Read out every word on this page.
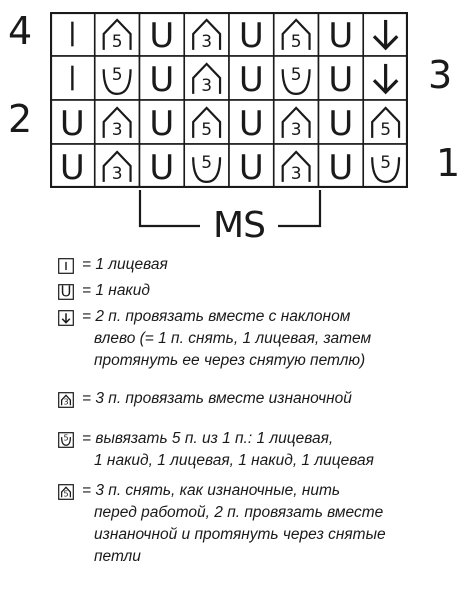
4
3
2
1
5 U 3 U 5 U
5 U 3 U 5 U
U 3 U 5 U 3 U 5
U 3 U 5 U 3 U 5
MS
= 1 лицевая
U = 1 накид
= 2 п. провязать вместе с наклоном
влево (= 1 п. снять, 1 лицевая, затем
протянуть ее через снятую петлю)
3 = 3 п. провязать вместе изнаночной
5 = вывязать 5 п. из 1 п.: 1 лицевая,
1 накид, 1 лицевая, 1 накид, 1 лицевая
5 = 3 п. снять, как изнаночные, нить
перед работой, 2 п. провязать вместе
изнаночной и протянуть через снятые
петли
